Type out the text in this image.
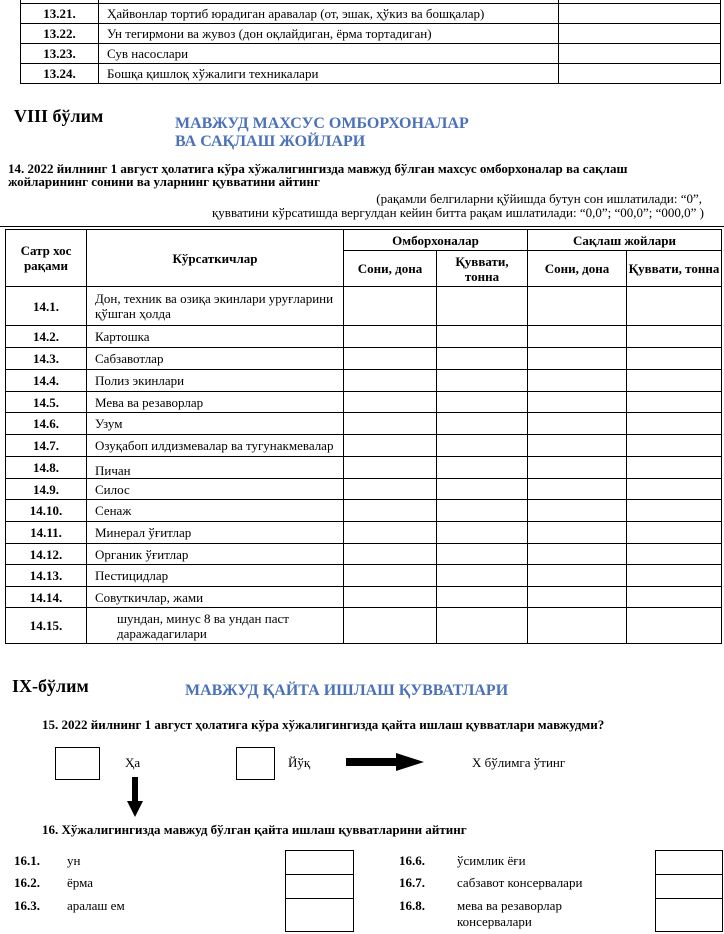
13.21.	Ҳайвонлар тортиб юрадиган аравалар (от, эшак, ҳўкиз ва бошқалар)	
13.22.	Ун тегирмони ва жувоз (дон оқлайдиган, ёрма тортадиган)	
13.23.	Сув насослари	
13.24.	Бошқа қишлоқ хўжалиги техникалари	
VIII бўлим	МАВЖУД МАХСУС ОМБОРХОНАЛАР
ВА САҚЛАШ ЖОЙЛАРИ
14. 2022 йилнинг 1 август ҳолатига кўра хўжалигингизда мавжуд бўлган махсус омборхоналар ва сақлаш
жойларининг сонини ва уларнинг қувватини айтинг
(рақамли белгиларни қўйишда бутун сон ишлатилади: “0”,
қувватини кўрсатишда вергулдан кейин битта рақам ишлатилади: “0,0”; “00,0”; “000,0” )
Сатр хос рақами	Кўрсаткичлар	Омборхоналар		Сақлаш жойлари	
		Сони, дона	Қуввати, тонна	Сони, дона	Қуввати, тонна
14.1.	Дон, техник ва озиқа экинлари уруғларини қўшган ҳолда				
14.2.	Картошка				
14.3.	Сабзавотлар				
14.4.	Полиз экинлари				
14.5.	Мева ва резаворлар				
14.6.	Узум				
14.7.	Озуқабоп илдизмевалар ва тугунакмевалар				
14.8.	Пичан				
14.9.	Силос				
14.10.	Сенаж				
14.11.	Минерал ўғитлар				
14.12.	Органик ўғитлар				
14.13.	Пестицидлар				
14.14.	Совуткичлар, жами				
14.15.	шундан, минус 8 ва ундан паст даражадагилари				
IX-бўлим	МАВЖУД ҚАЙТА ИШЛАШ ҚУВВАТЛАРИ
15. 2022 йилнинг 1 август ҳолатига кўра хўжалигингизда қайта ишлаш қувватлари мавжудми?
Ҳа	Йўқ	Х бўлимга ўтинг
16. Хўжалигингизда мавжуд бўлган қайта ишлаш қувватларини айтинг
16.1. ун
16.2. ёрма
16.3. аралаш ем
16.6. ўсимлик ёғи
16.7. сабзавот консервалари
16.8. мева ва резаворлар консервалари
